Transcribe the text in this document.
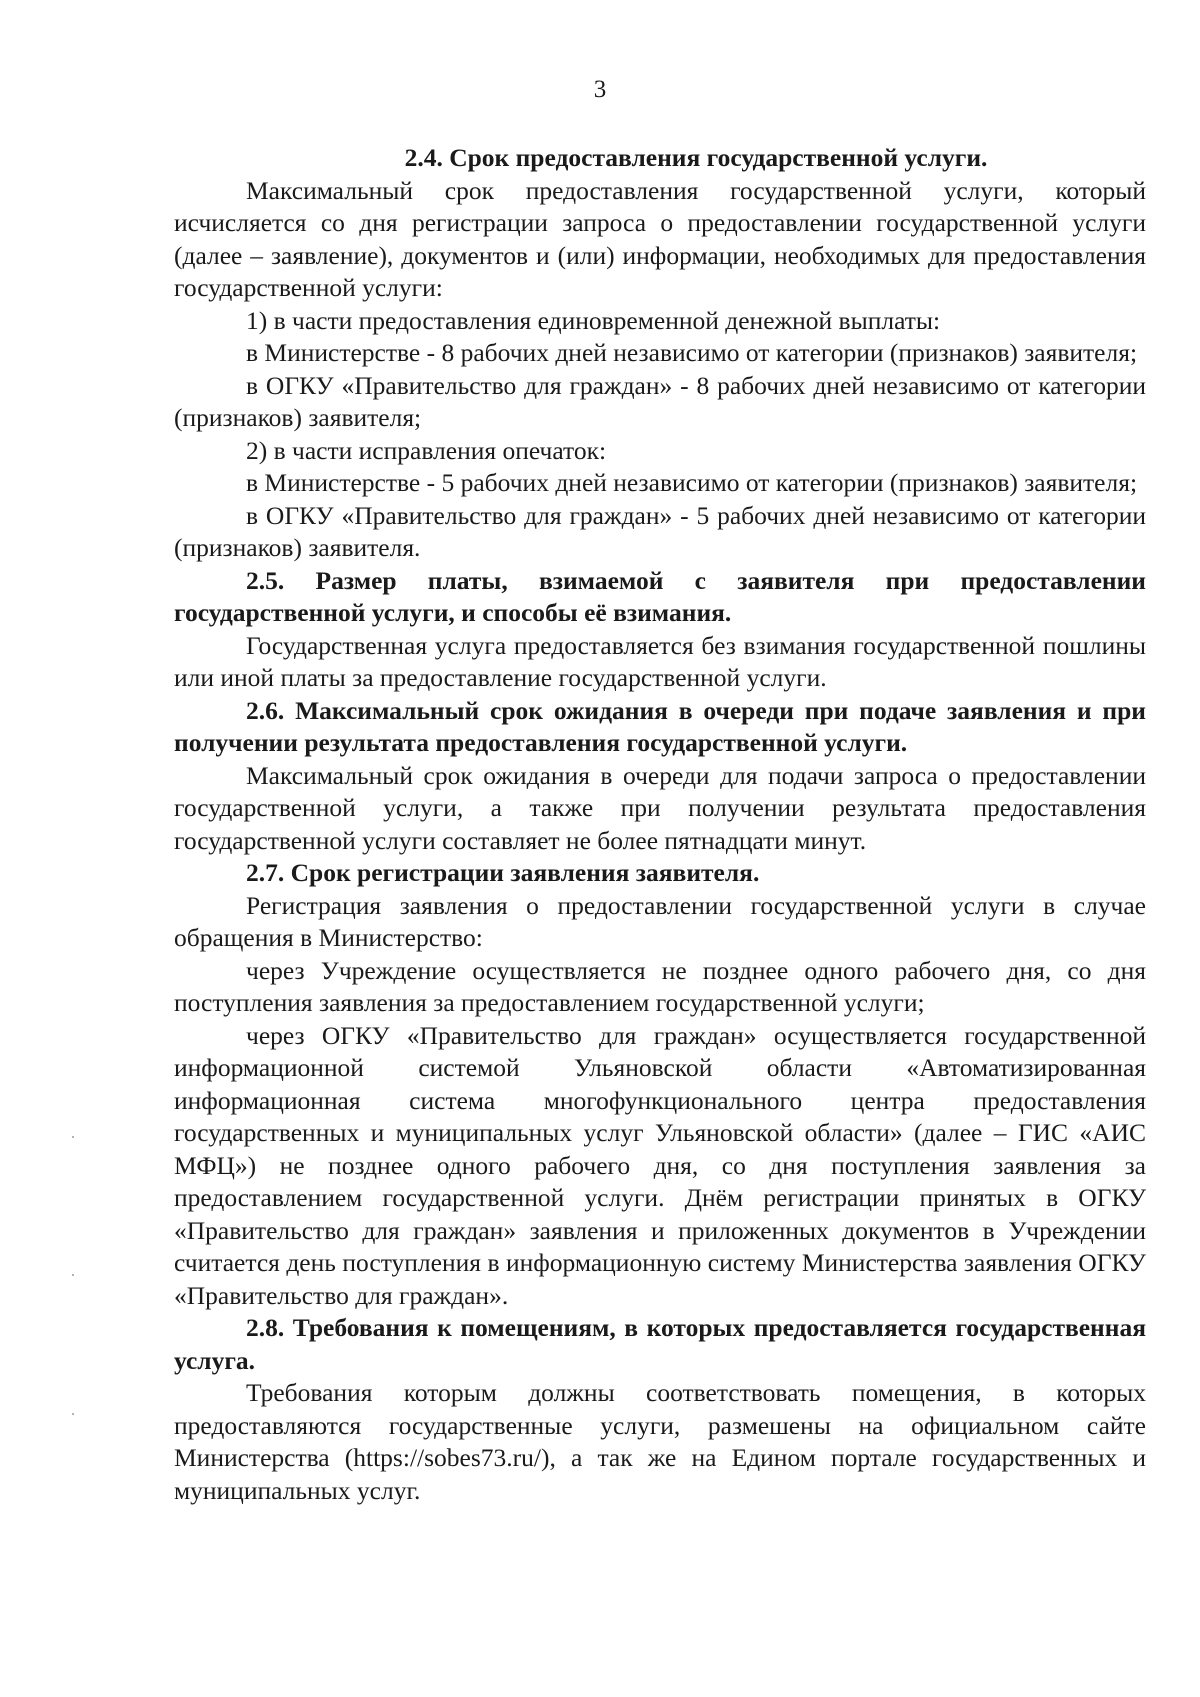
3

2.4. Срок предоставления государственной услуги.

Максимальный срок предоставления государственной услуги, который исчисляется со дня регистрации запроса о предоставлении государственной услуги (далее – заявление), документов и (или) информации, необходимых для предоставления государственной услуги:

1) в части предоставления единовременной денежной выплаты:

в Министерстве - 8 рабочих дней независимо от категории (признаков) заявителя;

в ОГКУ «Правительство для граждан» - 8 рабочих дней независимо от категории (признаков) заявителя;

2) в части исправления опечаток:

в Министерстве - 5 рабочих дней независимо от категории (признаков) заявителя;

в ОГКУ «Правительство для граждан» - 5 рабочих дней независимо от категории (признаков) заявителя.

2.5. Размер платы, взимаемой с заявителя при предоставлении государственной услуги, и способы её взимания.

Государственная услуга предоставляется без взимания государственной пошлины или иной платы за предоставление государственной услуги.

2.6. Максимальный срок ожидания в очереди при подаче заявления и при получении результата предоставления государственной услуги.

Максимальный срок ожидания в очереди для подачи запроса о предоставлении государственной услуги, а также при получении результата предоставления государственной услуги составляет не более пятнадцати минут.

2.7. Срок регистрации заявления заявителя.

Регистрация заявления о предоставлении государственной услуги в случае обращения в Министерство:

через Учреждение осуществляется не позднее одного рабочего дня, со дня поступления заявления за предоставлением государственной услуги;

через ОГКУ «Правительство для граждан» осуществляется государственной информационной системой Ульяновской области «Автоматизированная информационная система многофункционального центра предоставления государственных и муниципальных услуг Ульяновской области» (далее – ГИС «АИС МФЦ») не позднее одного рабочего дня, со дня поступления заявления за предоставлением государственной услуги. Днём регистрации принятых в ОГКУ «Правительство для граждан» заявления и приложенных документов в Учреждении считается день поступления в информационную систему Министерства заявления ОГКУ «Правительство для граждан».

2.8. Требования к помещениям, в которых предоставляется государственная услуга.

Требования которым должны соответствовать помещения, в которых предоставляются государственные услуги, размешены на официальном сайте Министерства (https://sobes73.ru/), а так же на Едином портале государственных и муниципальных услуг.
